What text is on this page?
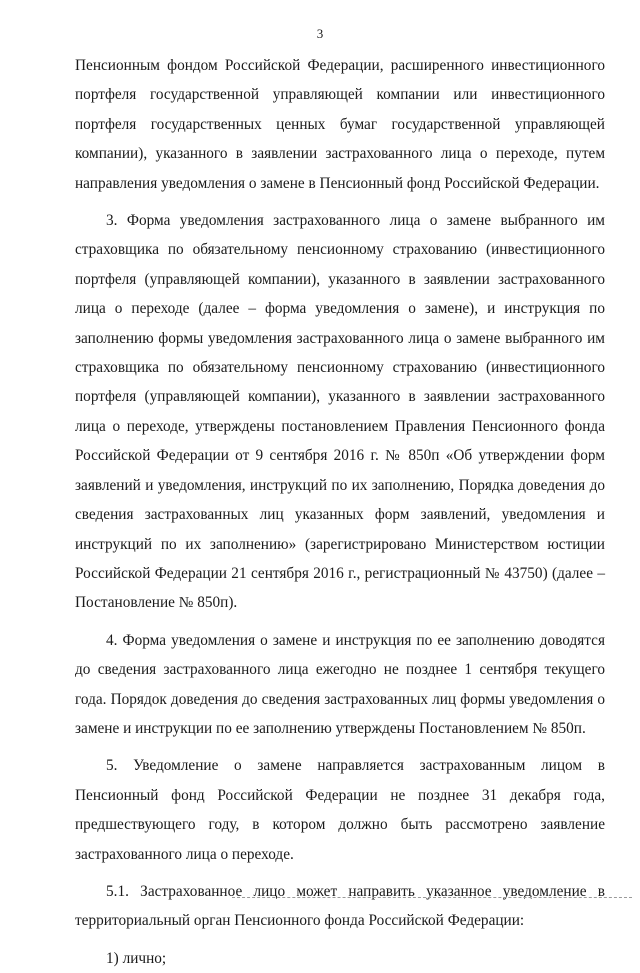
3

Пенсионным фондом Российской Федерации, расширенного инвестиционного портфеля государственной управляющей компании или инвестиционного портфеля государственных ценных бумаг государственной управляющей компании), указанного в заявлении застрахованного лица о переходе, путем направления уведомления о замене в Пенсионный фонд Российской Федерации.

3. Форма уведомления застрахованного лица о замене выбранного им страховщика по обязательному пенсионному страхованию (инвестиционного портфеля (управляющей компании), указанного в заявлении застрахованного лица о переходе (далее – форма уведомления о замене), и инструкция по заполнению формы уведомления застрахованного лица о замене выбранного им страховщика по обязательному пенсионному страхованию (инвестиционного портфеля (управляющей компании), указанного в заявлении застрахованного лица о переходе, утверждены постановлением Правления Пенсионного фонда Российской Федерации от 9 сентября 2016 г. № 850п «Об утверждении форм заявлений и уведомления, инструкций по их заполнению, Порядка доведения до сведения застрахованных лиц указанных форм заявлений, уведомления и инструкций по их заполнению» (зарегистрировано Министерством юстиции Российской Федерации 21 сентября 2016 г., регистрационный № 43750) (далее – Постановление № 850п).

4. Форма уведомления о замене и инструкция по ее заполнению доводятся до сведения застрахованного лица ежегодно не позднее 1 сентября текущего года. Порядок доведения до сведения застрахованных лиц формы уведомления о замене и инструкции по ее заполнению утверждены Постановлением № 850п.

5. Уведомление о замене направляется застрахованным лицом в Пенсионный фонд Российской Федерации не позднее 31 декабря года, предшествующего году, в котором должно быть рассмотрено заявление застрахованного лица о переходе.

5.1. Застрахованное лицо может направить указанное уведомление в территориальный орган Пенсионного фонда Российской Федерации:

1) лично;
